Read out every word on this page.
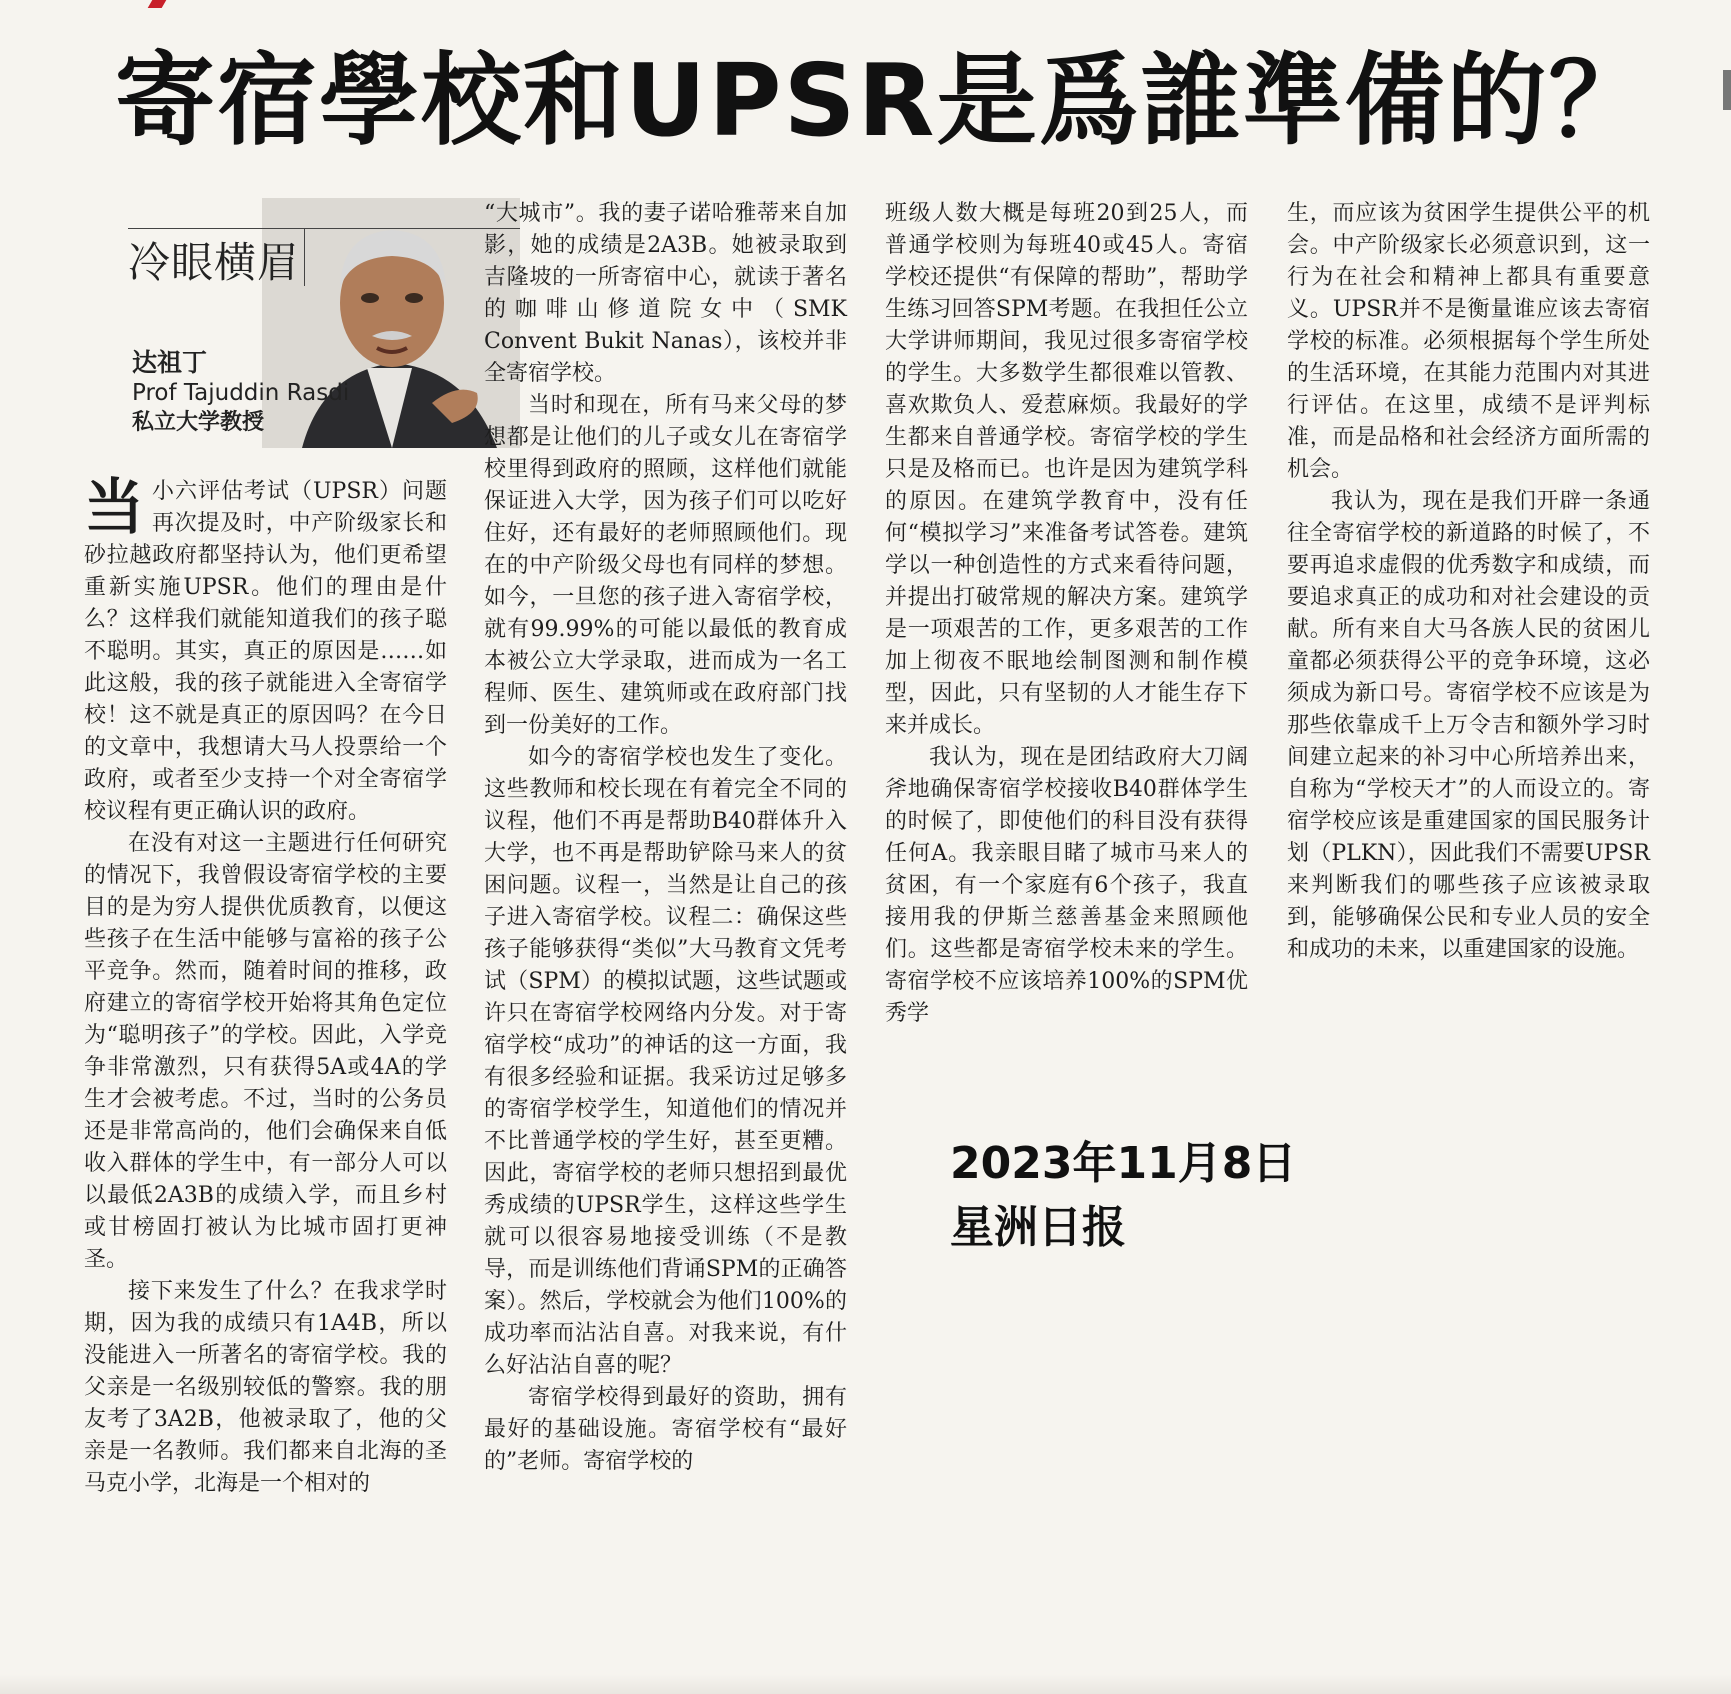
寄宿學校和UPSR是爲誰準備的？
冷眼横眉
达祖丁
Prof Tajuddin Rasdi
私立大学教授

当小六评估考试（UPSR）问题再次提及时，中产阶级家长和砂拉越政府都坚持认为，他们更希望重新实施UPSR。他们的理由是什么？这样我们就能知道我们的孩子聪不聪明。其实，真正的原因是……如此这般，我的孩子就能进入全寄宿学校！这不就是真正的原因吗？在今日的文章中，我想请大马人投票给一个政府，或者至少支持一个对全寄宿学校议程有更正确认识的政府。

在没有对这一主题进行任何研究的情况下，我曾假设寄宿学校的主要目的是为穷人提供优质教育，以便这些孩子在生活中能够与富裕的孩子公平竞争。然而，随着时间的推移，政府建立的寄宿学校开始将其角色定位为“聪明孩子”的学校。因此，入学竞争非常激烈，只有获得5A或4A的学生才会被考虑。不过，当时的公务员还是非常高尚的，他们会确保来自低收入群体的学生中，有一部分人可以以最低2A3B的成绩入学，而且乡村或甘榜固打被认为比城市固打更神圣。

接下来发生了什么？在我求学时期，因为我的成绩只有1A4B，所以没能进入一所著名的寄宿学校。我的父亲是一名级别较低的警察。我的朋友考了3A2B，他被录取了，他的父亲是一名教师。我们都来自北海的圣马克小学，北海是一个相对的

“大城市”。我的妻子诺哈雅蒂来自加影，她的成绩是2A3B。她被录取到吉隆坡的一所寄宿中心，就读于著名的咖啡山修道院女中（SMK Convent Bukit Nanas），该校并非全寄宿学校。

当时和现在，所有马来父母的梦想都是让他们的儿子或女儿在寄宿学校里得到政府的照顾，这样他们就能保证进入大学，因为孩子们可以吃好住好，还有最好的老师照顾他们。现在的中产阶级父母也有同样的梦想。如今，一旦您的孩子进入寄宿学校，就有99.99%的可能以最低的教育成本被公立大学录取，进而成为一名工程师、医生、建筑师或在政府部门找到一份美好的工作。

如今的寄宿学校也发生了变化。这些教师和校长现在有着完全不同的议程，他们不再是帮助B40群体升入大学，也不再是帮助铲除马来人的贫困问题。议程一，当然是让自己的孩子进入寄宿学校。议程二：确保这些孩子能够获得“类似”大马教育文凭考试（SPM）的模拟试题，这些试题或许只在寄宿学校网络内分发。对于寄宿学校“成功”的神话的这一方面，我有很多经验和证据。我采访过足够多的寄宿学校学生，知道他们的情况并不比普通学校的学生好，甚至更糟。因此，寄宿学校的老师只想招到最优秀成绩的UPSR学生，这样这些学生就可以很容易地接受训练（不是教导，而是训练他们背诵SPM的正确答案）。然后，学校就会为他们100%的成功率而沾沾自喜。对我来说，有什么好沾沾自喜的呢？

寄宿学校得到最好的资助，拥有最好的基础设施。寄宿学校有“最好的”老师。寄宿学校的

班级人数大概是每班20到25人，而普通学校则为每班40或45人。寄宿学校还提供“有保障的帮助”，帮助学生练习回答SPM考题。在我担任公立大学讲师期间，我见过很多寄宿学校的学生。大多数学生都很难以管教、喜欢欺负人、爱惹麻烦。我最好的学生都来自普通学校。寄宿学校的学生只是及格而已。也许是因为建筑学科的原因。在建筑学教育中，没有任何“模拟学习”来准备考试答卷。建筑学以一种创造性的方式来看待问题，并提出打破常规的解决方案。建筑学是一项艰苦的工作，更多艰苦的工作加上彻夜不眠地绘制图测和制作模型，因此，只有坚韧的人才能生存下来并成长。

我认为，现在是团结政府大刀阔斧地确保寄宿学校接收B40群体学生的时候了，即使他们的科目没有获得任何A。我亲眼目睹了城市马来人的贫困，有一个家庭有6个孩子，我直接用我的伊斯兰慈善基金来照顾他们。这些都是寄宿学校未来的学生。寄宿学校不应该培养100%的SPM优秀学

生，而应该为贫困学生提供公平的机会。中产阶级家长必须意识到，这一行为在社会和精神上都具有重要意义。UPSR并不是衡量谁应该去寄宿学校的标准。必须根据每个学生所处的生活环境，在其能力范围内对其进行评估。在这里，成绩不是评判标准，而是品格和社会经济方面所需的机会。

我认为，现在是我们开辟一条通往全寄宿学校的新道路的时候了，不要再追求虚假的优秀数字和成绩，而要追求真正的成功和对社会建设的贡献。所有来自大马各族人民的贫困儿童都必须获得公平的竞争环境，这必须成为新口号。寄宿学校不应该是为那些依靠成千上万令吉和额外学习时间建立起来的补习中心所培养出来，自称为“学校天才”的人而设立的。寄宿学校应该是重建国家的国民服务计划（PLKN），因此我们不需要UPSR来判断我们的哪些孩子应该被录取到，能够确保公民和专业人员的安全和成功的未来，以重建国家的设施。

2023年11月8日
星洲日报
